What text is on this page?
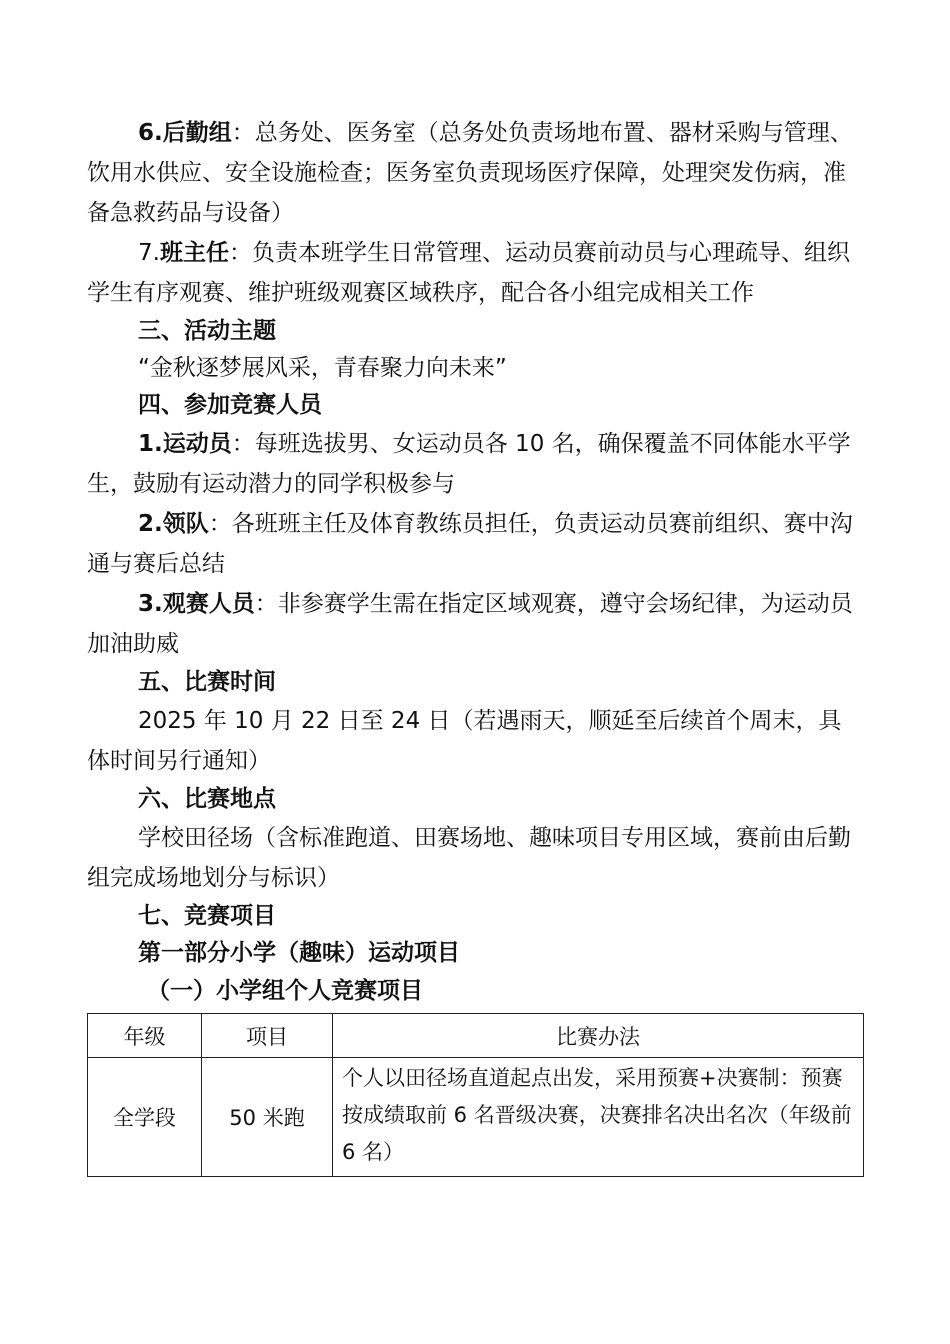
6.后勤组：总务处、医务室（总务处负责场地布置、器材采购与管理、饮用水供应、安全设施检查；医务室负责现场医疗保障，处理突发伤病，准备急救药品与设备）

7.班主任：负责本班学生日常管理、运动员赛前动员与心理疏导、组织学生有序观赛、维护班级观赛区域秩序，配合各小组完成相关工作

三、活动主题

“金秋逐梦展风采，青春聚力向未来”

四、参加竞赛人员

1.运动员：每班选拔男、女运动员各 10 名，确保覆盖不同体能水平学生，鼓励有运动潜力的同学积极参与

2.领队：各班班主任及体育教练员担任，负责运动员赛前组织、赛中沟通与赛后总结

3.观赛人员：非参赛学生需在指定区域观赛，遵守会场纪律，为运动员加油助威

五、比赛时间

2025 年 10 月 22 日至 24 日（若遇雨天，顺延至后续首个周末，具体时间另行通知）

六、比赛地点

学校田径场（含标准跑道、田赛场地、趣味项目专用区域，赛前由后勤组完成场地划分与标识）

七、竞赛项目

第一部分小学（趣味）运动项目

（一）小学组个人竞赛项目

年级	项目	比赛办法
全学段	50 米跑	个人以田径场直道起点出发，采用预赛+决赛制：预赛按成绩取前 6 名晋级决赛，决赛排名决出名次（年级前 6 名）
